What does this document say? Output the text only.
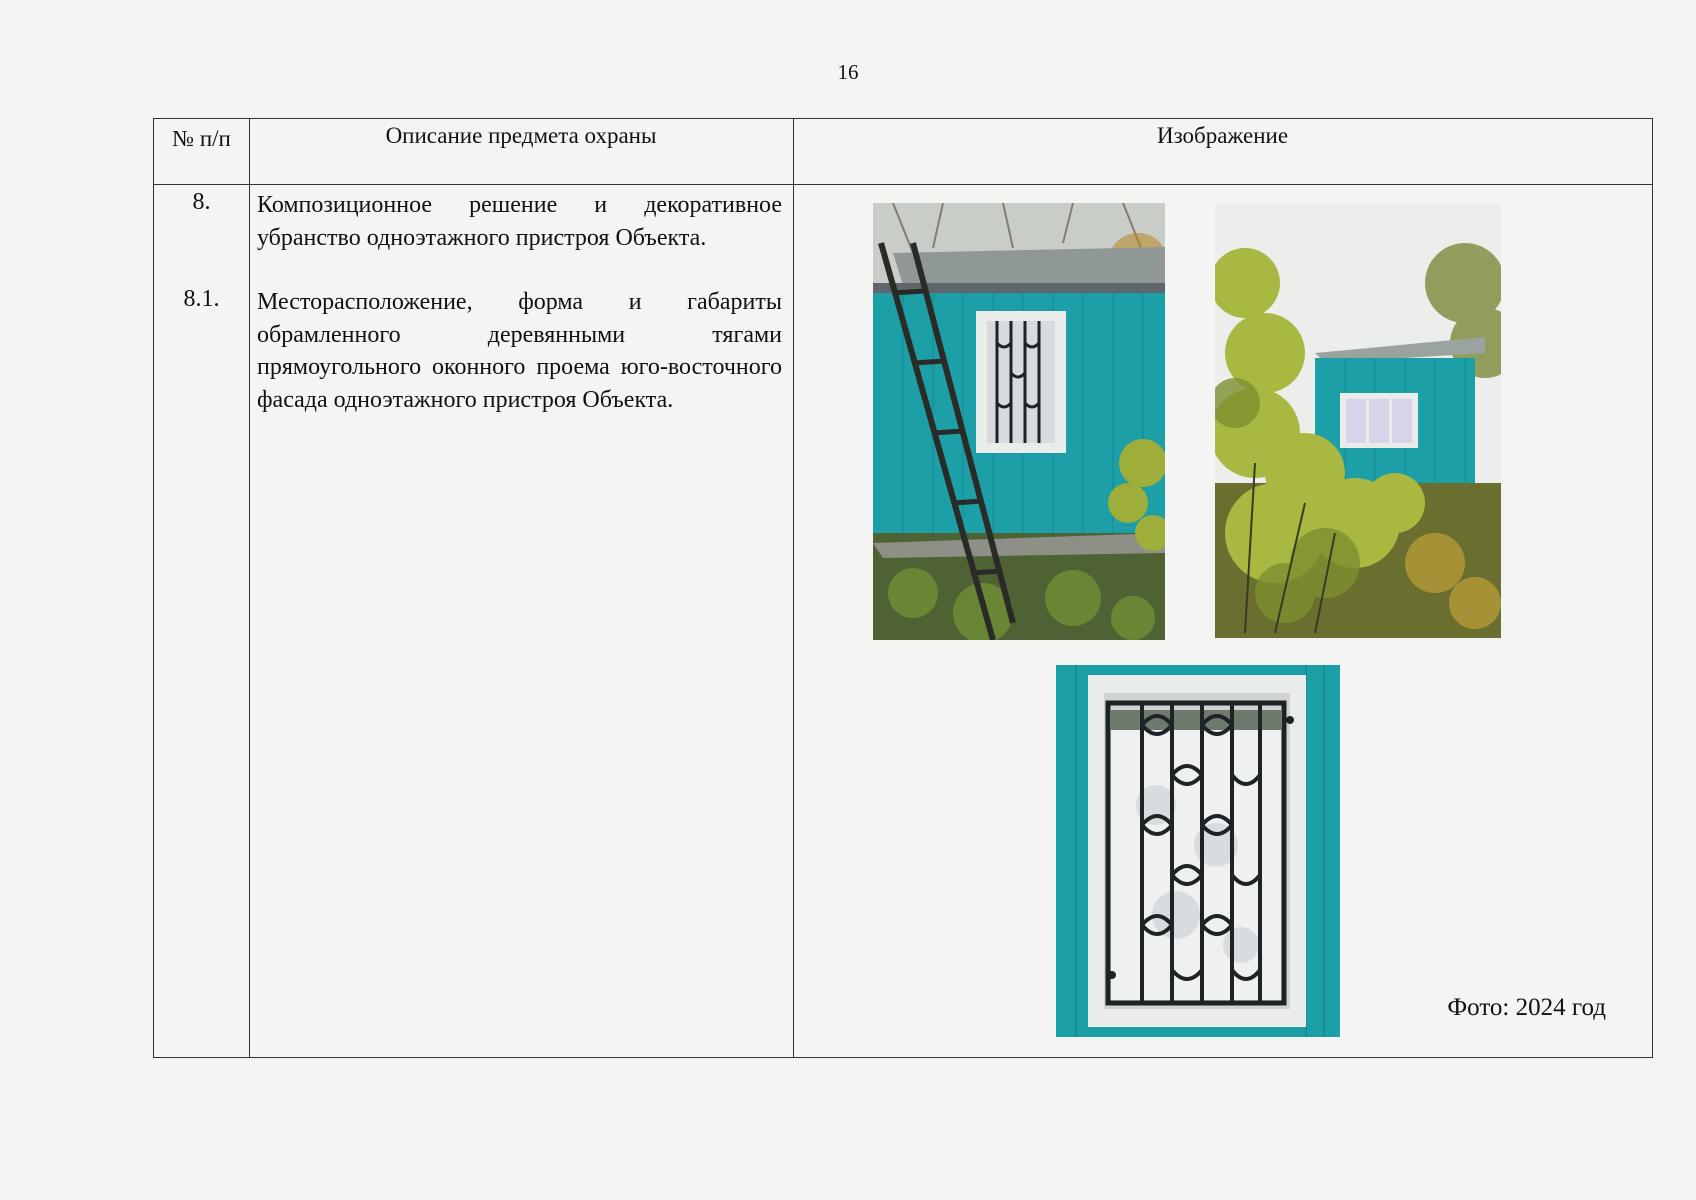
16
№ п/п	Описание предмета охраны	Изображение
8.	Композиционное решение и декоративное убранство одноэтажного пристроя Объекта.
8.1.	Месторасположение, форма и габариты обрамленного деревянными тягами прямоугольного оконного проема юго-восточного фасада одноэтажного пристроя Объекта.
Фото: 2024 год
